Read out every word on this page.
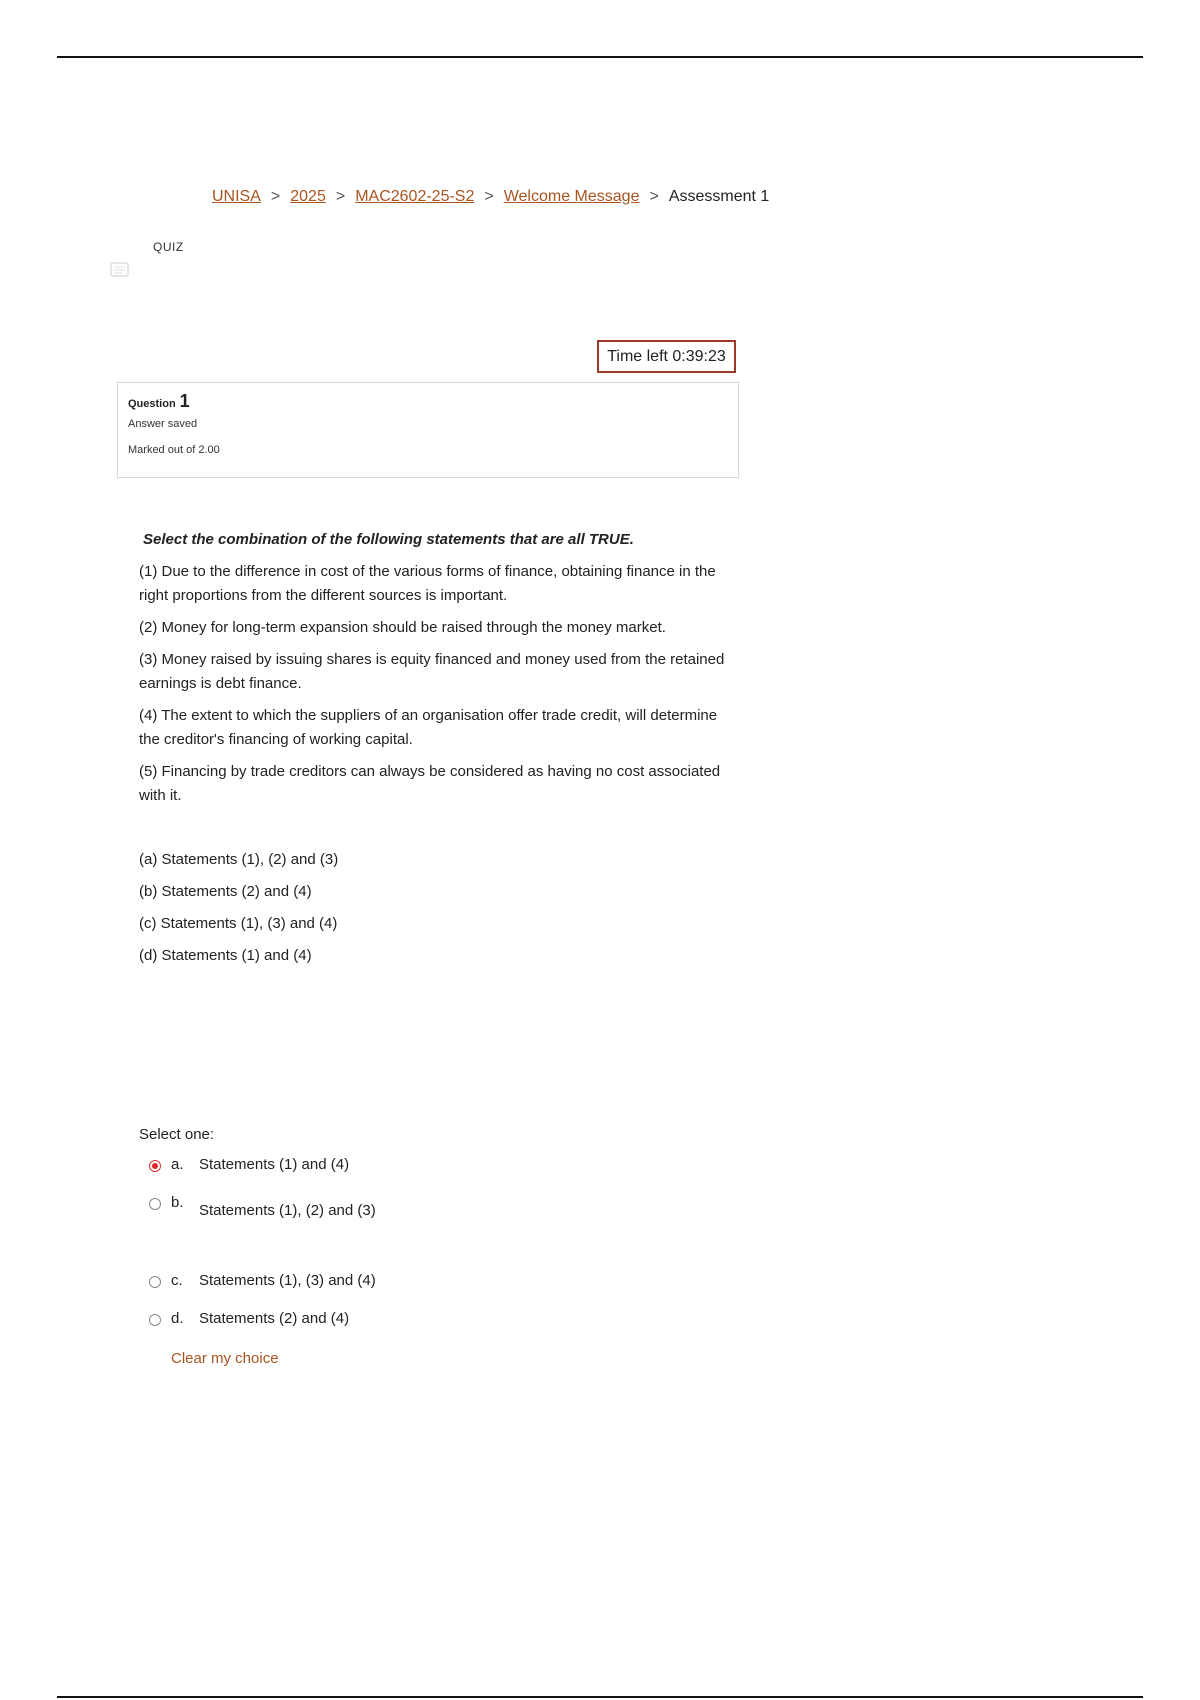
UNISA > 2025 > MAC2602-25-S2 > Welcome Message > Assessment 1
QUIZ
Time left 0:39:23
Question 1
Answer saved
Marked out of 2.00
Select the combination of the following statements that are all TRUE.
(1) Due to the difference in cost of the various forms of finance, obtaining finance in the right proportions from the different sources is important.
(2) Money for long-term expansion should be raised through the money market.
(3) Money raised by issuing shares is equity financed and money used from the retained earnings is debt finance.
(4) The extent to which the suppliers of an organisation offer trade credit, will determine the creditor's financing of working capital.
(5) Financing by trade creditors can always be considered as having no cost associated with it.
(a) Statements (1), (2) and (3)
(b) Statements (2) and (4)
(c) Statements (1), (3) and (4)
(d) Statements (1) and (4)
Select one:
a.	Statements (1) and (4)
b.	Statements (1), (2) and (3)
c.	Statements (1), (3) and (4)
d.	Statements (2) and (4)
Clear my choice
